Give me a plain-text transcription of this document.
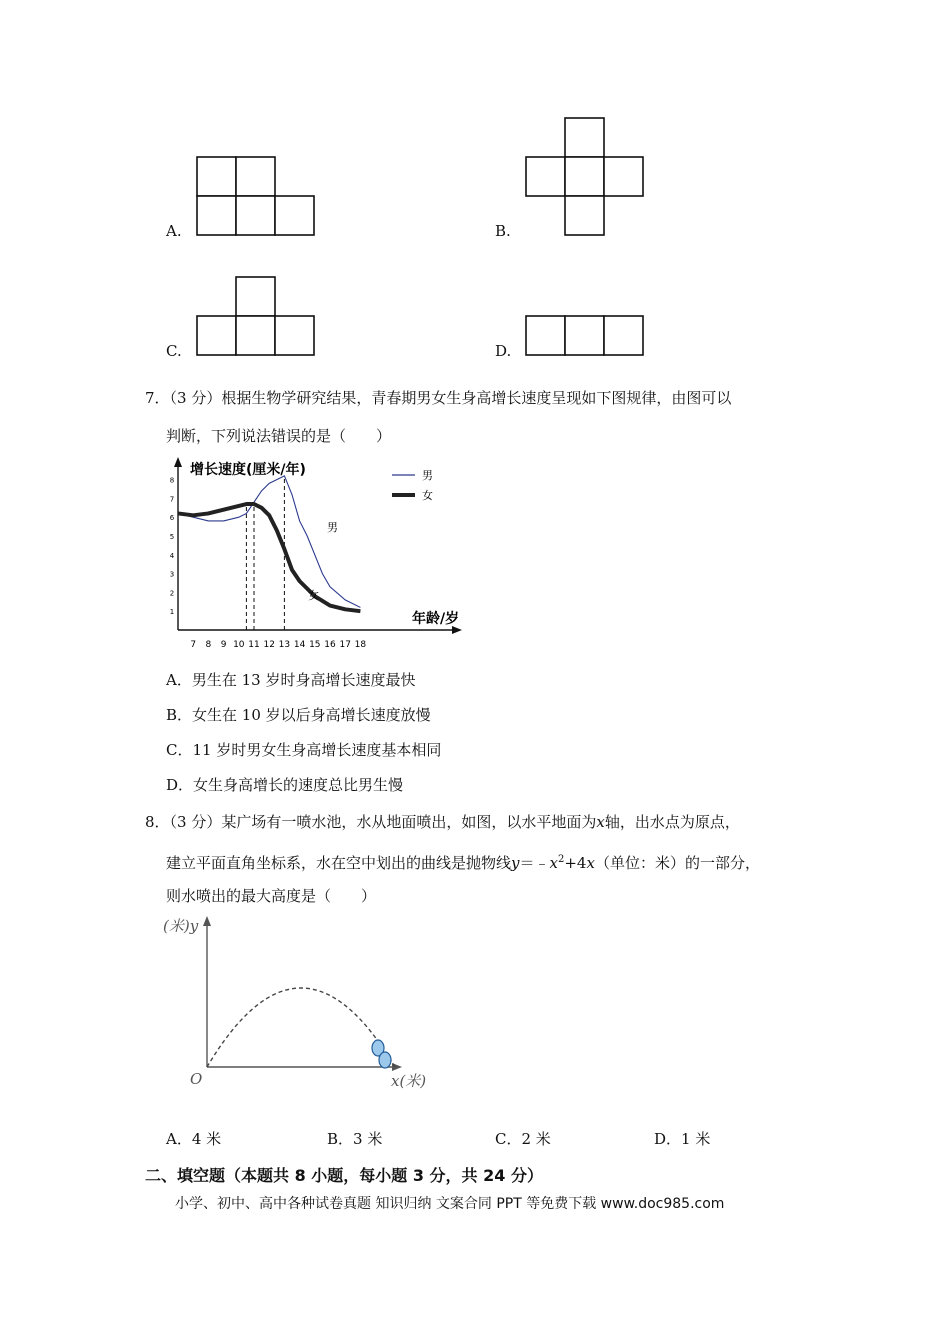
A.	B.
C.	D.
7．（3 分）根据生物学研究结果，青春期男女生身高增长速度呈现如下图规律，由图可以
判断，下列说法错误的是（　　）
增长速度(厘米/年)
年龄/岁
男
女
7 8 9 10 11 12 13 14 15 16 17 18
1
2
3
4
5
6
7
8
男
女
A．男生在 13 岁时身高增长速度最快
B．女生在 10 岁以后身高增长速度放慢
C．11 岁时男女生身高增长速度基本相同
D．女生身高增长的速度总比男生慢
8．（3 分）某广场有一喷水池，水从地面喷出，如图，以水平地面为x轴，出水点为原点，
建立平面直角坐标系，水在空中划出的曲线是抛物线$y=﹣x^2+4x$（单位：米）的一部分，
则水喷出的最大高度是（　　）
(米)y
x(米)
O
A．4 米	B．3 米	C．2 米	D．1 米
二、填空题（本题共 8 小题，每小题 3 分，共 24 分）
小学、初中、高中各种试卷真题 知识归纳 文案合同 PPT 等免费下载 www.doc985.com
